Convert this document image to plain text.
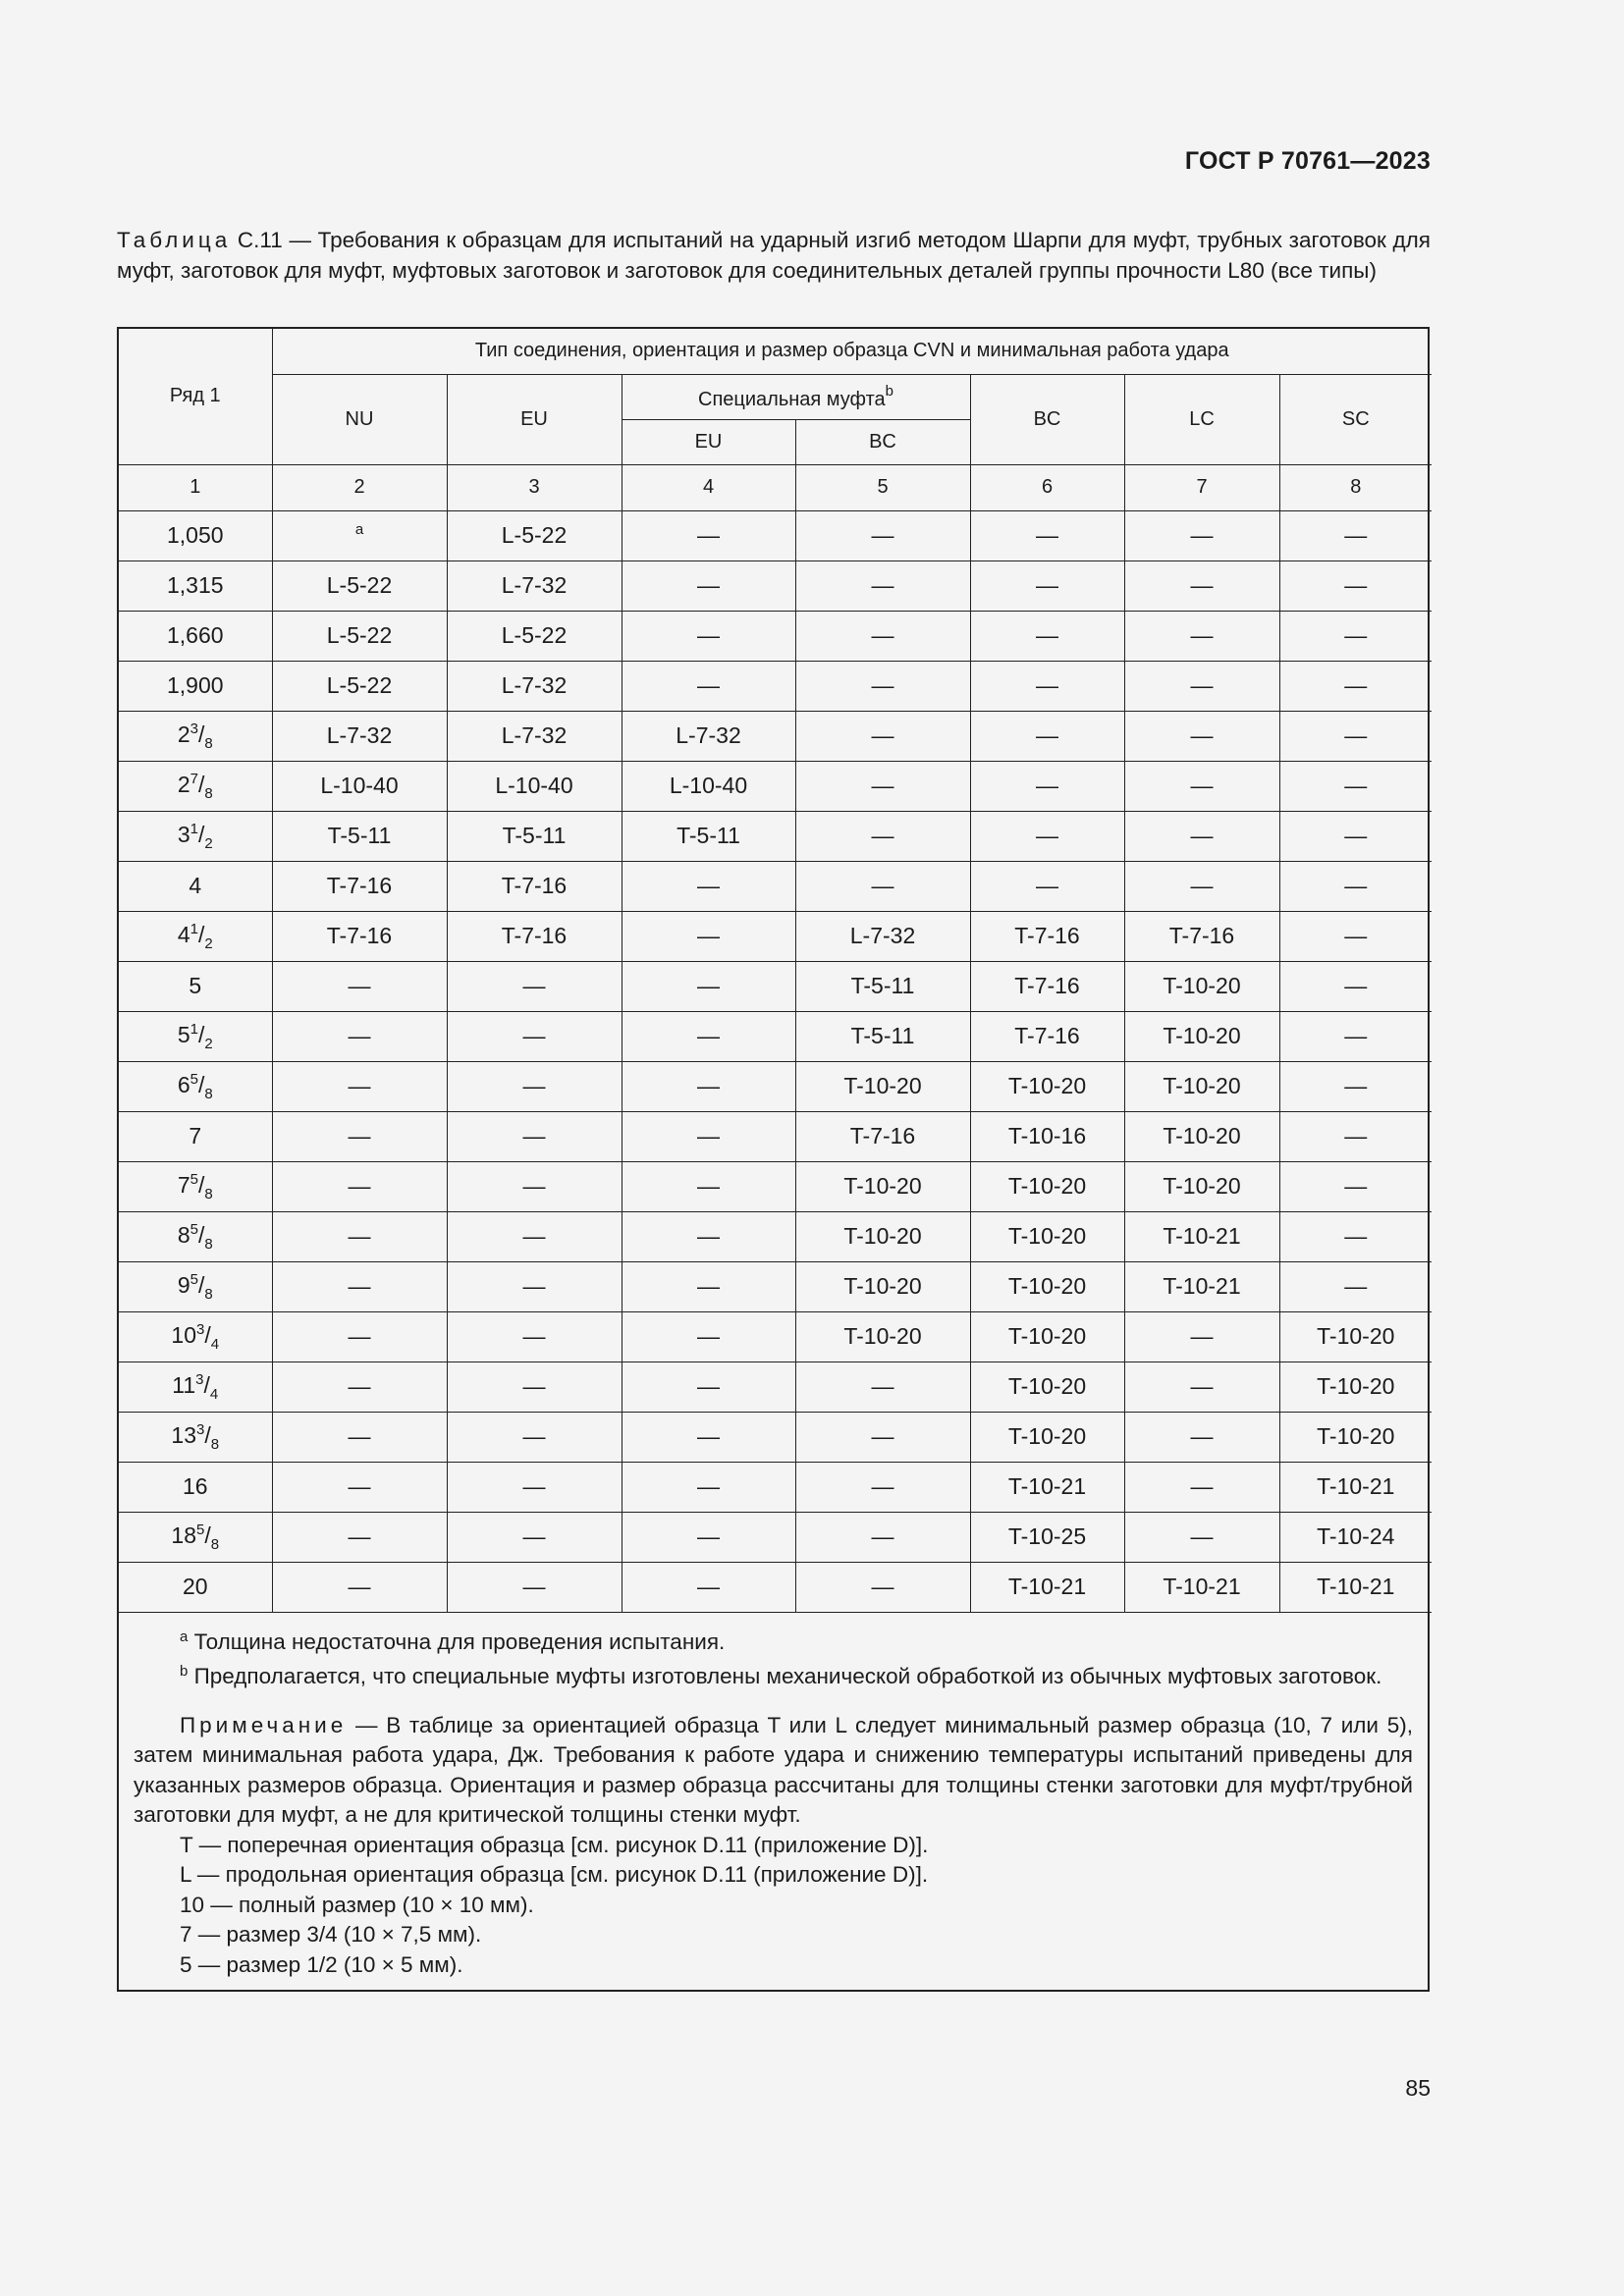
ГОСТ Р 70761—2023
Таблица С.11 — Требования к образцам для испытаний на ударный изгиб методом Шарпи для муфт, трубных заготовок для муфт, заготовок для муфт, муфтовых заготовок и заготовок для соединительных деталей группы прочности L80 (все типы)
Ряд 1	Тип соединения, ориентация и размер образца CVN и минимальная работа удара						
	NU	EU	Специальная муфта$^b$		BC	LC	SC
			EU	BC			
1	2	3	4	5	6	7	8
1,050	$^a$	L-5-22	—	—	—	—	—
1,315	L-5-22	L-7-32	—	—	—	—	—
1,660	L-5-22	L-5-22	—	—	—	—	—
1,900	L-5-22	L-7-32	—	—	—	—	—
$2^3/_8$	L-7-32	L-7-32	L-7-32	—	—	—	—
$2^7/_8$	L-10-40	L-10-40	L-10-40	—	—	—	—
$3^1/_2$	T-5-11	T-5-11	T-5-11	—	—	—	—
4	T-7-16	T-7-16	—	—	—	—	—
$4^1/_2$	T-7-16	T-7-16	—	L-7-32	T-7-16	T-7-16	—
5	—	—	—	T-5-11	T-7-16	T-10-20	—
$5^1/_2$	—	—	—	T-5-11	T-7-16	T-10-20	—
$6^5/_8$	—	—	—	T-10-20	T-10-20	T-10-20	—
7	—	—	—	T-7-16	T-10-16	T-10-20	—
$7^5/_8$	—	—	—	T-10-20	T-10-20	T-10-20	—
$8^5/_8$	—	—	—	T-10-20	T-10-20	T-10-21	—
$9^5/_8$	—	—	—	T-10-20	T-10-20	T-10-21	—
$10^3/_4$	—	—	—	T-10-20	T-10-20	—	T-10-20
$11^3/_4$	—	—	—	—	T-10-20	—	T-10-20
$13^3/_8$	—	—	—	—	T-10-20	—	T-10-20
16	—	—	—	—	T-10-21	—	T-10-21
$18^5/_8$	—	—	—	—	T-10-25	—	T-10-24
20	—	—	—	—	T-10-21	T-10-21	T-10-21

$^a$ Толщина недостаточна для проведения испытания.

$^b$ Предполагается, что специальные муфты изготовлены механической обработкой из обычных муфтовых заготовок.

Примечание — В таблице за ориентацией образца T или L следует минимальный размер образца (10, 7 или 5), затем минимальная работа удара, Дж. Требования к работе удара и снижению температуры испытаний приведены для указанных размеров образца. Ориентация и размер образца рассчитаны для толщины стенки заготовки для муфт/трубной заготовки для муфт, а не для критической толщины стенки муфт.

T — поперечная ориентация образца [см. рисунок D.11 (приложение D)].

L — продольная ориентация образца [см. рисунок D.11 (приложение D)].

10 — полный размер (10 × 10 мм).

7 — размер 3/4 (10 × 7,5 мм).

5 — размер 1/2 (10 × 5 мм).

85
